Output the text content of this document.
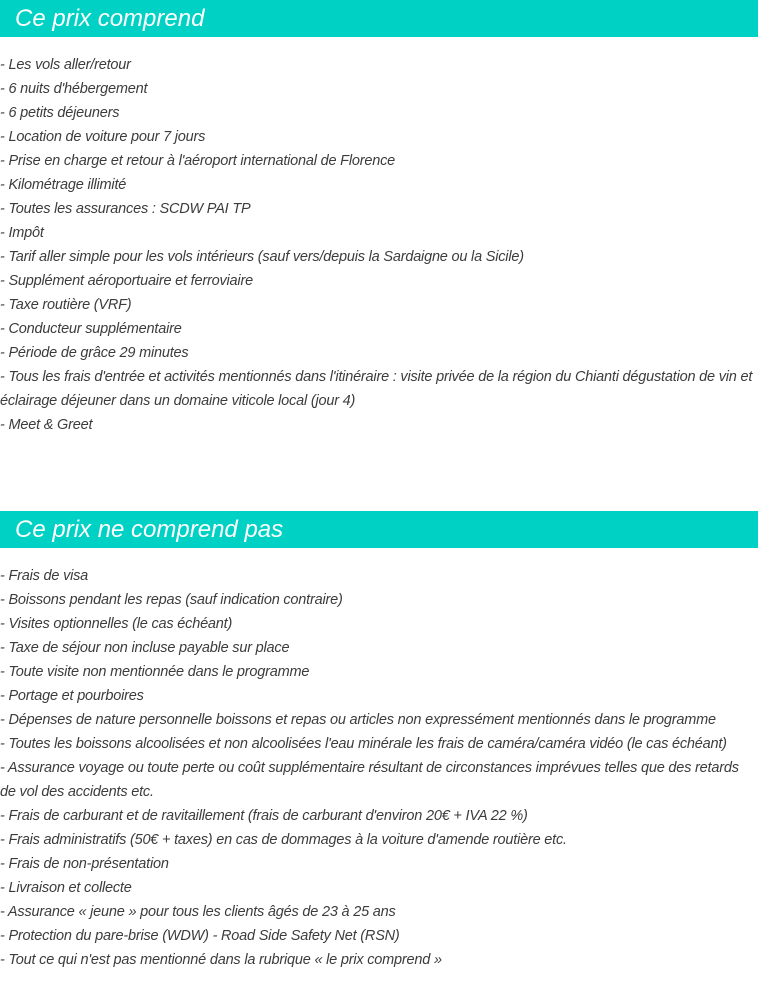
Ce prix comprend
- Les vols aller/retour
- 6 nuits d'hébergement
- 6 petits déjeuners
- Location de voiture pour 7 jours
- Prise en charge et retour à l'aéroport international de Florence
- Kilométrage illimité
- Toutes les assurances : SCDW PAI TP
- Impôt
- Tarif aller simple pour les vols intérieurs (sauf vers/depuis la Sardaigne ou la Sicile)
- Supplément aéroportuaire et ferroviaire
- Taxe routière (VRF)
- Conducteur supplémentaire
- Période de grâce 29 minutes
- Tous les frais d'entrée et activités mentionnés dans l'itinéraire : visite privée de la région du Chianti dégustation de vin et éclairage déjeuner dans un domaine viticole local (jour 4)
- Meet & Greet
Ce prix ne comprend pas
- Frais de visa
- Boissons pendant les repas (sauf indication contraire)
- Visites optionnelles (le cas échéant)
- Taxe de séjour non incluse payable sur place
- Toute visite non mentionnée dans le programme
- Portage et pourboires
- Dépenses de nature personnelle boissons et repas ou articles non expressément mentionnés dans le programme
- Toutes les boissons alcoolisées et non alcoolisées l'eau minérale les frais de caméra/caméra vidéo (le cas échéant)
- Assurance voyage ou toute perte ou coût supplémentaire résultant de circonstances imprévues telles que des retards de vol des accidents etc.
- Frais de carburant et de ravitaillement (frais de carburant d'environ 20€ + IVA 22 %)
- Frais administratifs (50€ + taxes) en cas de dommages à la voiture d'amende routière etc.
- Frais de non-présentation
- Livraison et collecte
- Assurance « jeune » pour tous les clients âgés de 23 à 25 ans
- Protection du pare-brise (WDW) - Road Side Safety Net (RSN)
- Tout ce qui n'est pas mentionné dans la rubrique « le prix comprend »
